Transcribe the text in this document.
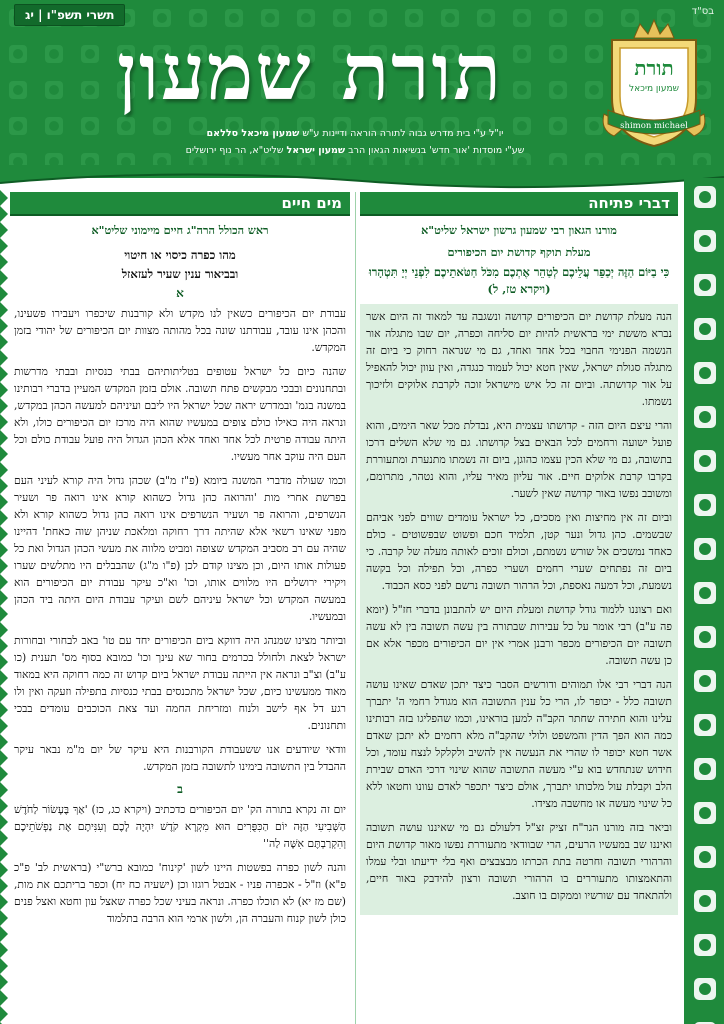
בס"ד
תשרי תשפ"ו | יג
תורת שמעון
יו"ל ע"י בית מדרש גבוה לתורה הוראה ודיינות ע"ש שמעון מיכאל סללאם
שע"י מוסדות 'אור חדש' בנשיאות הגאון הרב שמעון ישראל שליט"א, הר נוף ירושלים
תורת
שמעון מיכאל
Torat
shimon michael
דברי פתיחה
מורנו הגאון רבי שמעון גרשון ישראל שליט"א
מעלת תוקף קדושת יום הכיפורים
כִּי בַיּוֹם הַזֶּה יְכַפֵּר עֲלֵיכֶם לְטַהֵר אֶתְכֶם מִכֹּל חַטֹּאתֵיכֶם לִפְנֵי יְיָ תִּטְהָרוּ (ויקרא טז, ל)

הנה מעלת קדושת יום הכיפורים קדושה ונשגבה עד למאוד זה היום אשר נברא מששת ימי בראשית להיות יום סליחה וכפרה, יום שבו מתגלה אור הנשמה הפנימי החבוי בכל אחד ואחד, גם מי שנראה רחוק כי ביום זה מתגלה סגולת ישראל, שאין חטא יכול לעמוד כנגדה, ואין עוון יכול להאפיל על אור קדושתה. וביום זה כל איש מישראל זוכה לקרבת אלוקים ולזיכוך נשמתו.

והרי עיצם היום הזה - קדושתו עצמית היא, נבדלת מכל שאר הימים, והוא פועל ישועה ורחמים לכל הבאים בצל קדושתו. גם מי שלא השלים דרכו בתשובה, גם מי שלא הכין עצמו כהוגן, ביום זה נשמתו מתנערת ומתעוררת בקרבו קרבת אלוקים חיים. אור עליון מאיר עליו, והוא נטהר, מתרומם, ומשובב נפשו באור קדושה שאין לשער.

וביום זה אין מחיצות ואין מסכים, כל ישראל עומדים שווים לפני אביהם שבשמים. כהן גדול ונער קטן, תלמיד חכם ופשוט שבפשוטים - כולם כאחד נמשכים אל שורש נשמתם, וכולם זוכים לאותה מעלה של קרבה. כי ביום זה נפתחים שערי רחמים ושערי כפרה, וכל תפילה וכל בקשה נשמעת, וכל דמעה נאספת, וכל הרהור תשובה נרשם לפני כסא הכבוד.

ואם רצוננו ללמוד גודל קדושת ומעלת היום יש להתבונן בדברי חז"ל (יומא פה ע"ב) רבי אומר על כל עבירות שבתורה בין עשה תשובה בין לא עשה תשובה יום הכיפורים מכפר ורבנן אמרי אין יום הכיפורים מכפר אלא אם כן עשה תשובה.

הנה דברי רבי אלו תמוהים ודורשים הסבר כיצד יתכן שאדם שאינו עושה תשובה כלל - יכופר לו, הרי כל ענין התשובה הוא מגודל רחמי ה' יתברך עלינו והוא חתירה שחתר הקב"ה למען בוראינו, וכמו שהפליגו בזה רבותינו כמה הוא הפך הדין והמשפט ולולי שהקב"ה מלא רחמים לא יתכן שאדם אשר חטא יכופר לו שהרי את הנעשה אין להשיב ולקלקל לנצח עומד, וכל חידוש שנתחדש בוא ע"י מעשה התשובה שהוא שינוי דרכי האדם שבירת הלב וקבלת עול מלכותו יתברך, אולם כיצד יתכפר לאדם עוונו וחטאו ללא כל שינוי מעשה או מחשבה מצידו.

וביאר בזה מורנו הגר"ח זציק זצ"ל דלעולם גם מי שאיננו עושה תשובה ואיננו שב במעשיו הרעים, הרי שבוודאי מתעוררת נפשו מאור קדושת היום והרהורי תשובה וחרטה בתת הכרתו מבצבצים ואף בלי ידיעתו ובלי עמלו והתאמצותו מתעוררים בו הרהורי תשובה ורצון להידבק באור חיים, ולהתאחד עם שורשיו וממקום בו חוצב.

מים חיים
ראש הכולל הרה"ג חיים מיימוני שליט"א
מהו כפרה כיסוי או חיטוי
ובביאור ענין שעיר לעזאזל
א

עבודת יום הכיפורים כשאין לנו מקדש ולא קורבנות שיכפרו ויעבירו פשעינו, והכהן אינו עובד, עבודתנו שונה בכל מהותה מצוות יום הכיפורים של יהודי בזמן המקדש.

שהנה כיום כל ישראל עטופים בטליתותיהם בבתי כנסיות ובבתי מדרשות ובתחנונים ובבכי מבקשים פתח תשובה. אולם בזמן המקדש המעיין בדברי רבותינו במשנה בגמ' ובמדרש יראה שכל ישראל היו ליבם ועיניהם למעשה הכהן במקדש, ונראה היה כאילו כולם צופים במעשיו שהוא היה מרכז יום הכיפורים כולו, ולא היתה עבודה פרטית לכל אחד ואחד אלא הכהן הגדול היה פועל עבודת כולם וכל העם היה עוקב אחר מעשיו.

וכמו שעולה מדברי המשנה ביומא (פ"ז מ"ב) שכהן גדול היה קורא לעיני העם בפרשת אחרי מות 'והרואה כהן גדול כשהוא קורא אינו רואה פר ושעיר הנשרפים, והרואה פר ושעיר הנשרפים אינו רואה כהן גדול כשהוא קורא ולא מפני שאינו רשאי אלא שהיתה דרך רחוקה ומלאכת שניהן שוה כאחת' דהיינו שהיה עם רב מסביב המקדש שצופה ומביט מלווה את מעשי הכהן הגדול ואת כל פעולות אותו היום, וכן מצינו קודם לכן (פ"ו מ"ג) שהבבלים היו מתלשים שערו ויקירי ירושלים היו מלווים אותו, וכו' וא"כ עיקר עבודת יום הכיפורים הוא במעשה המקדש וכל ישראל עיניהם לשם ועיקר עבודת היום היתה ביד הכהן ובמעשיו.

וביותר מצינו שמנהג היה דווקא ביום הכיפורים יחד עם טו' באב לבחורי ובחורות ישראל לצאת ולחולל בכרמים בחור שא עינך וכו' כמובא בסוף מס' תענית (כו ע"ב) וצ"ב ונראה אין הייתה עבודת ישראל ביום קדוש זה כמה רחוקה היא במאוד מאוד ממעשינו כיום, שכל ישראל מתכנסים בבתי כנסיות בתפילה וזעקה ואין ולו רגע דל אף לישב ולנוח ומזריחת החמה ועד צאת הכוכבים עומדים בבכי ותחנונים.

וודאי שיודעים אנו ששעבודת הקורבנות היא עיקר של יום מ"מ נבאר עיקר ההבדל בין התשובה בימינו לתשובה בזמן המקדש.

ב

יום זה נקרא בתורה הק' יום הכיפורים כדכתיב (ויקרא כג, כז) 'אַךְ בֶּעָשׂוֹר לַחֹדֶשׁ הַשְּׁבִיעִי הַזֶּה יוֹם הַכִּפֻּרִים הוּא מִקְרָא קֹדֶשׁ יִהְיֶה לָכֶם וְעִנִּיתֶם אֶת נַפְשֹׁתֵיכֶם וְהִקְרַבְתֶּם אִשֶּׁה לַה''

והנה לשון כפרה בפשטות היינו לשון 'קינוח' כמובא ברש"י (בראשית לב' פ"כ פ"א) וז"ל - אכפרה פניו - אבטל רוגזו וכן (ישעיה כח יח) וכפר בריתכם את מות, (שם מז יא) לא תוכלו כפרה. ונראה בעיני שכל כפרה שאצל עון וחטא ואצל פנים כולן לשון קנוח והעברה הן, ולשון ארמי הוא הרבה בתלמוד
